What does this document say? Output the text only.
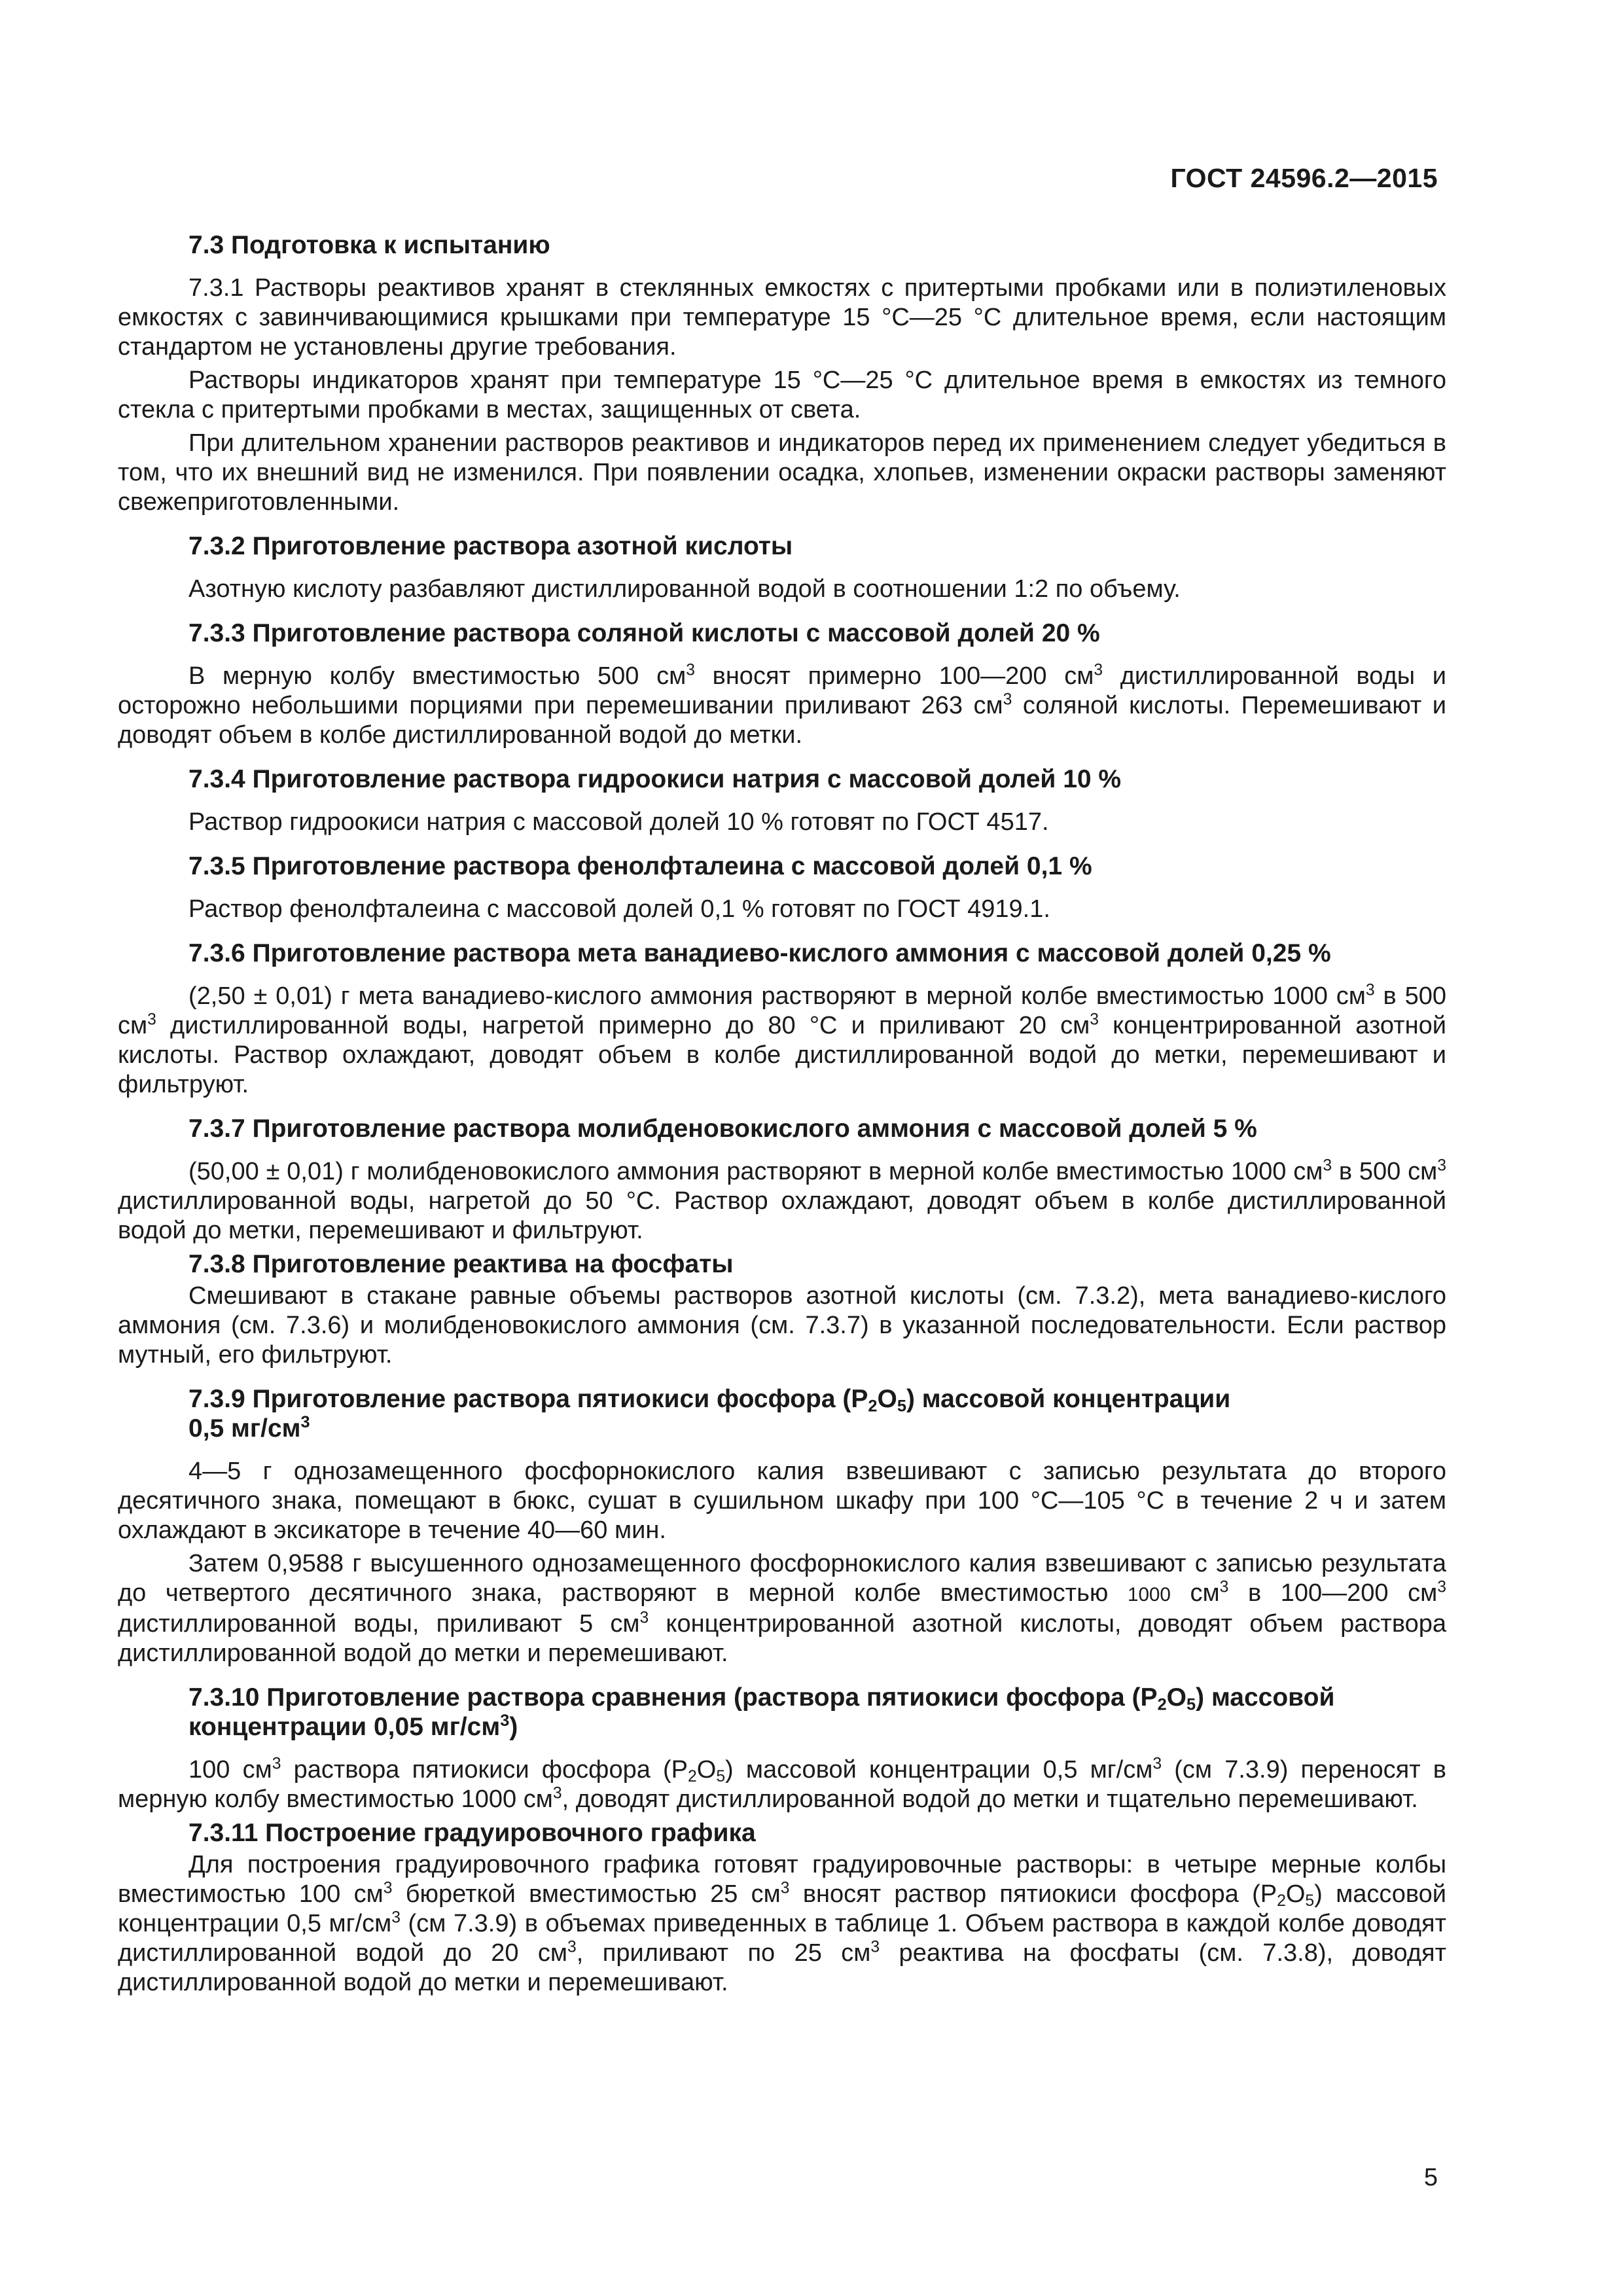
ГОСТ 24596.2—2015
7.3 Подготовка к испытанию

7.3.1 Растворы реактивов хранят в стеклянных емкостях с притертыми пробками или в полиэтиленовых емкостях с завинчивающимися крышками при температуре 15 °С—25 °С длительное время, если настоящим стандартом не установлены другие требования.

Растворы индикаторов хранят при температуре 15 °С—25 °С длительное время в емкостях из темного стекла с притертыми пробками в местах, защищенных от света.

При длительном хранении растворов реактивов и индикаторов перед их применением следует убедиться в том, что их внешний вид не изменился. При появлении осадка, хлопьев, изменении окраски растворы заменяют свежеприготовленными.

7.3.2 Приготовление раствора азотной кислоты

Азотную кислоту разбавляют дистиллированной водой в соотношении 1:2 по объему.

7.3.3 Приготовление раствора соляной кислоты с массовой долей 20 %

В мерную колбу вместимостью 500 $см^3$ вносят примерно 100—200 $см^3$ дистиллированной воды и осторожно небольшими порциями при перемешивании приливают 263 $см^3$ соляной кислоты. Перемешивают и доводят объем в колбе дистиллированной водой до метки.

7.3.4 Приготовление раствора гидроокиси натрия с массовой долей 10 %

Раствор гидроокиси натрия с массовой долей 10 % готовят по ГОСТ 4517.

7.3.5 Приготовление раствора фенолфталеина с массовой долей 0,1 %

Раствор фенолфталеина с массовой долей 0,1 % готовят по ГОСТ 4919.1.

7.3.6 Приготовление раствора мета ванадиево-кислого аммония с массовой долей 0,25 %

(2,50 ± 0,01) г мета ванадиево-кислого аммония растворяют в мерной колбе вместимостью 1000 $см^3$ в 500 $см^3$ дистиллированной воды, нагретой примерно до 80 °С и приливают 20 $см^3$ концентрированной азотной кислоты. Раствор охлаждают, доводят объем в колбе дистиллированной водой до метки, перемешивают и фильтруют.

7.3.7 Приготовление раствора молибденовокислого аммония с массовой долей 5 %

(50,00 ± 0,01) г молибденовокислого аммония растворяют в мерной колбе вместимостью 1000 $см^3$ в 500 $см^3$ дистиллированной воды, нагретой до 50 °С. Раствор охлаждают, доводят объем в колбе дистиллированной водой до метки, перемешивают и фильтруют.

7.3.8 Приготовление реактива на фосфаты

Смешивают в стакане равные объемы растворов азотной кислоты (см. 7.3.2), мета ванадиево-кислого аммония (см. 7.3.6) и молибденовокислого аммония (см. 7.3.7) в указанной последовательности. Если раствор мутный, его фильтруют.

7.3.9 Приготовление раствора пятиокиси фосфора $(P_2O_5)$ массовой концентрации
0,5 $мг/см^3$

4—5 г однозамещенного фосфорнокислого калия взвешивают с записью результата до второго десятичного знака, помещают в бюкс, сушат в сушильном шкафу при 100 °С—105 °С в течение 2 ч и затем охлаждают в эксикаторе в течение 40—60 мин.

Затем 0,9588 г высушенного однозамещенного фосфорнокислого калия взвешивают с записью результата до четвертого десятичного знака, растворяют в мерной колбе вместимостью 1000 $см^3$ в 100—200 $см^3$ дистиллированной воды, приливают 5 $см^3$ концентрированной азотной кислоты, доводят объем раствора дистиллированной водой до метки и перемешивают.

7.3.10 Приготовление раствора сравнения (раствора пятиокиси фосфора $(P_2O_5)$ массовой
концентрации 0,05 $мг/см^3$)

100 $см^3$ раствора пятиокиси фосфора $(P_2O_5)$ массовой концентрации 0,5 $мг/см^3$ (см 7.3.9) переносят в мерную колбу вместимостью 1000 $см^3$, доводят дистиллированной водой до метки и тщательно перемешивают.

7.3.11 Построение градуировочного графика

Для построения градуировочного графика готовят градуировочные растворы: в четыре мерные колбы вместимостью 100 $см^3$ бюреткой вместимостью 25 $см^3$ вносят раствор пятиокиси фосфора $(P_2O_5)$ массовой концентрации 0,5 $мг/см^3$ (см 7.3.9) в объемах приведенных в таблице 1. Объем раствора в каждой колбе доводят дистиллированной водой до 20 $см^3$, приливают по 25 $см^3$ реактива на фосфаты (см. 7.3.8), доводят дистиллированной водой до метки и перемешивают.

5
